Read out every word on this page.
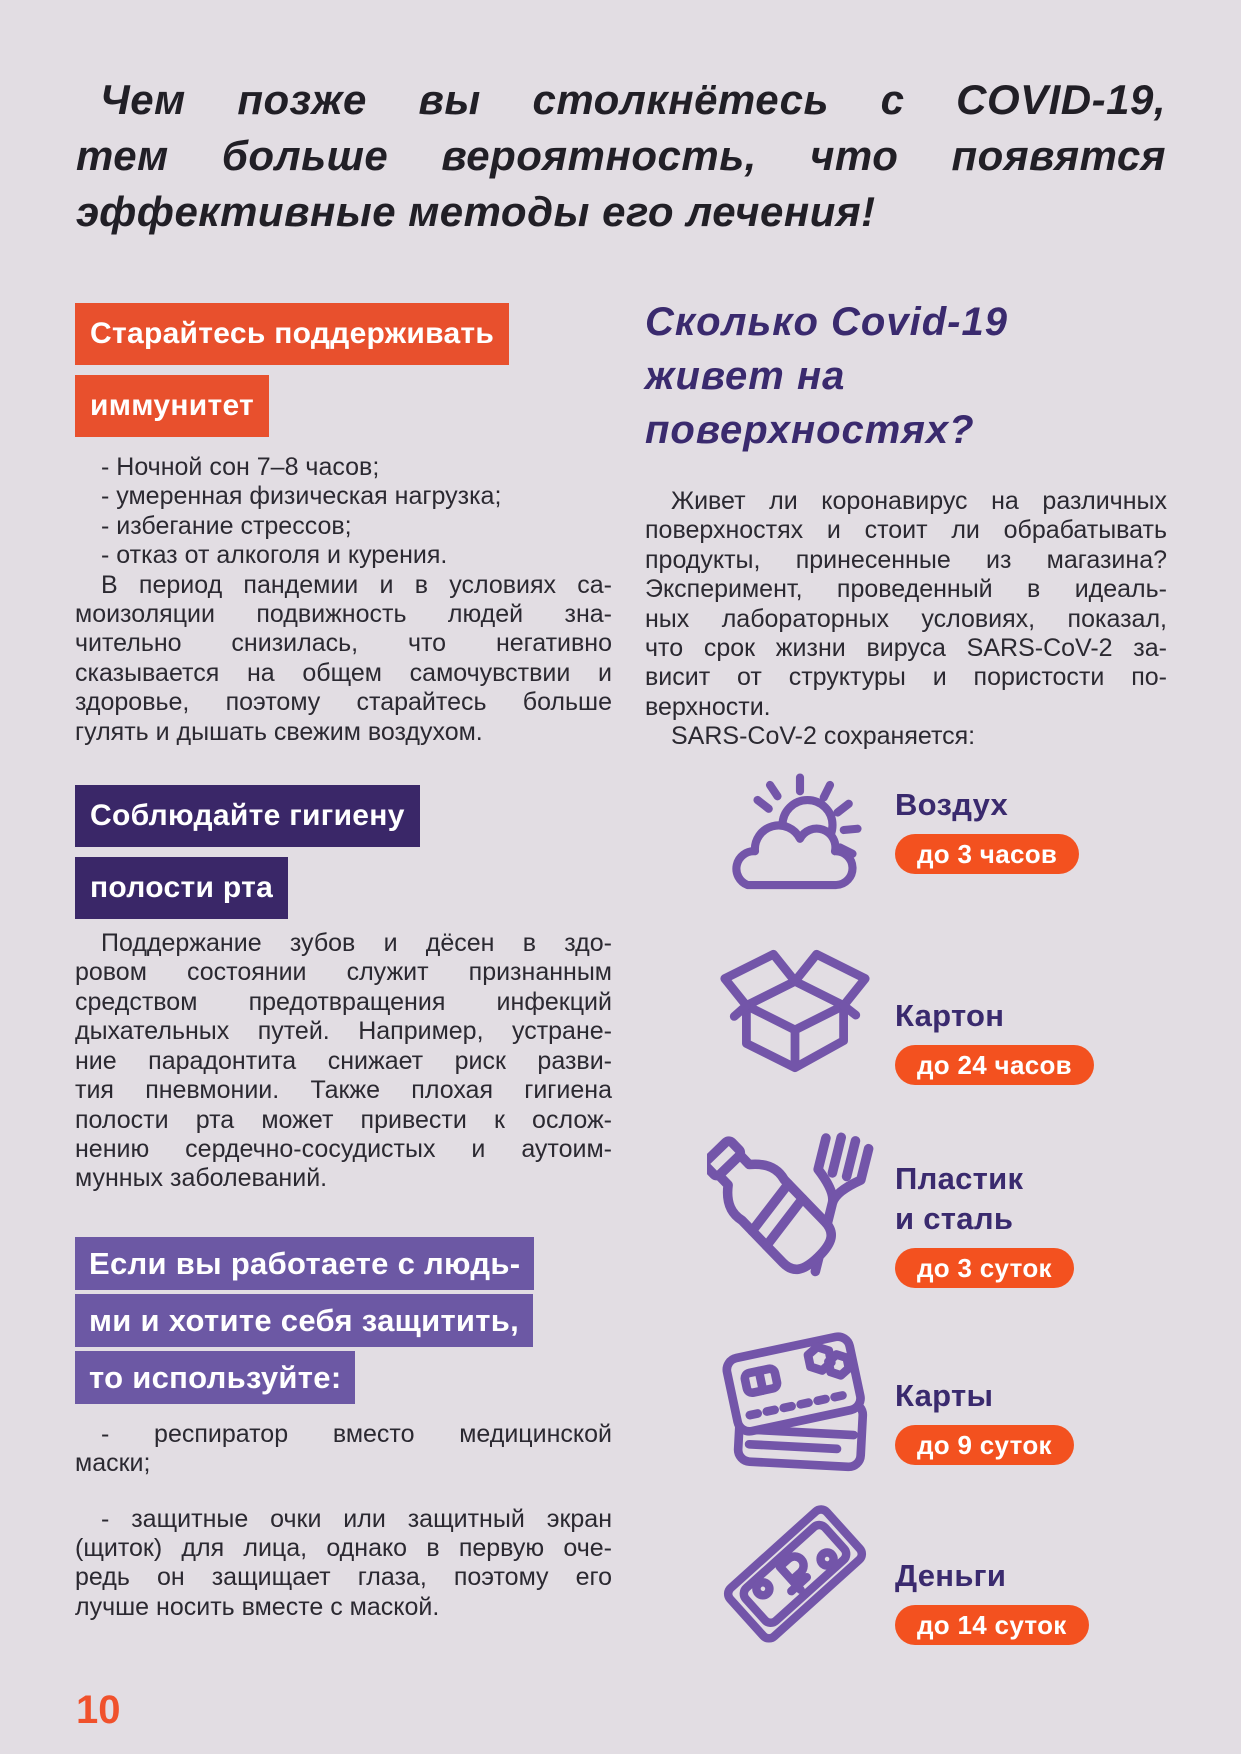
Чем позже вы столкнётесь с COVID-19,
тем больше вероятность, что появятся
эффективные методы его лечения!
Старайтесь поддерживать
иммунитет
- Ночной сон 7–8 часов;
- умеренная физическая нагрузка;
- избегание стрессов;
- отказ от алкоголя и курения.
В период пандемии и в условиях са-
моизоляции подвижность людей зна-
чительно снизилась, что негативно
сказывается на общем самочувствии и
здоровье, поэтому старайтесь больше
гулять и дышать свежим воздухом.
Соблюдайте гигиену
полости рта
Поддержание зубов и дёсен в здо-
ровом состоянии служит признанным
средством предотвращения инфекций
дыхательных путей. Например, устране-
ние парадонтита снижает риск разви-
тия пневмонии. Также плохая гигиена
полости рта может привести к ослож-
нению сердечно-сосудистых и аутоим-
мунных заболеваний.
Если вы работаете с людь-
ми и хотите себя защитить,
то используйте:
- респиратор вместо медицинской
маски;
- защитные очки или защитный экран
(щиток) для лица, однако в первую оче-
редь он защищает глаза, поэтому его
лучше носить вместе с маской.
Сколько Covid-19
живет на
поверхностях?
Живет ли коронавирус на различных
поверхностях и стоит ли обрабатывать
продукты, принесенные из магазина?
Эксперимент, проведенный в идеаль-
ных лабораторных условиях, показал,
что срок жизни вируса SARS-CoV-2 за-
висит от структуры и пористости по-
верхности.
SARS-CoV-2 сохраняется:
Воздух
до 3 часов
Картон
до 24 часов
Пластик
и сталь
до 3 суток
Карты
до 9 суток
Деньги
до 14 суток
10
